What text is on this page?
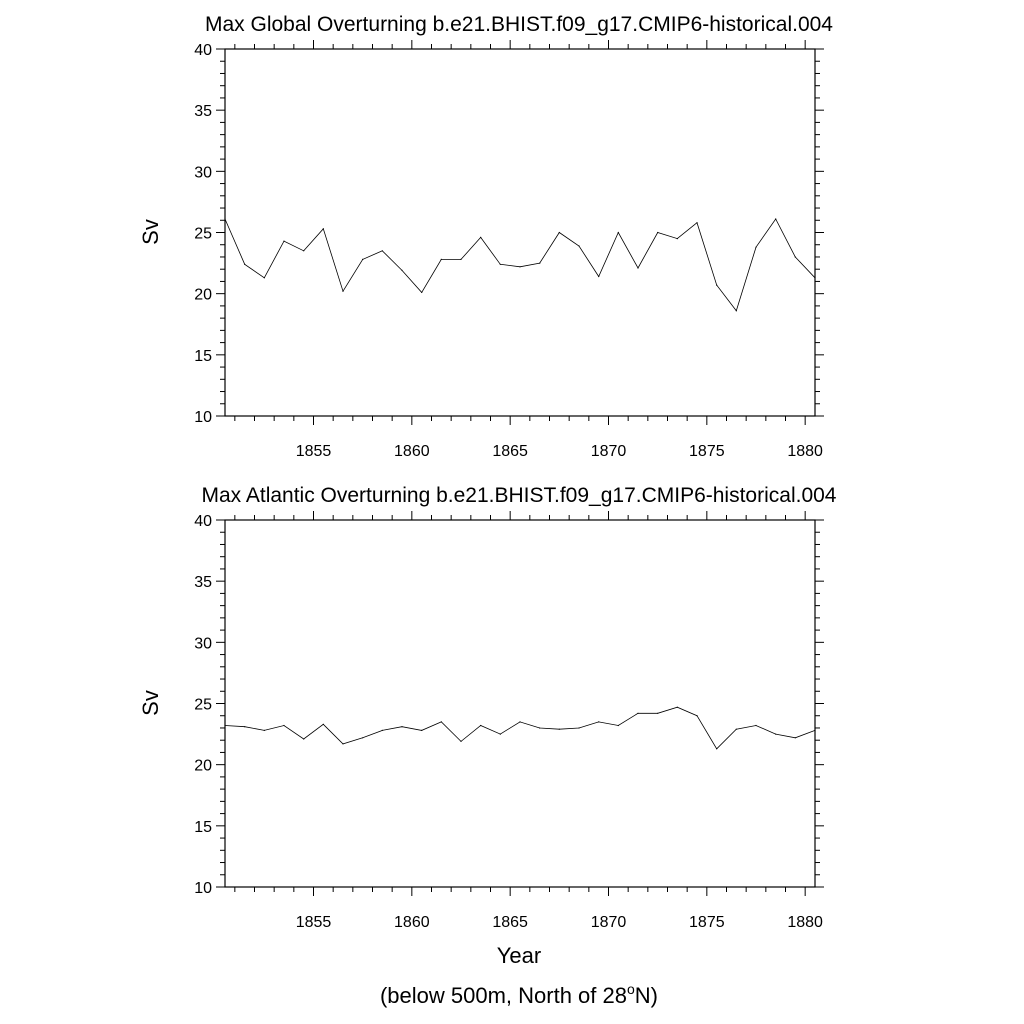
Max Global Overturning b.e21.BHIST.f09_g17.CMIP6-historical.004
Sv
10
15
20
25
30
35
40
1855	1860	1865	1870	1875	1880
Max Atlantic Overturning b.e21.BHIST.f09_g17.CMIP6-historical.004
Sv
10
15
20
25
30
35
40
1855	1860	1865	1870	1875	1880
Year
(below 500m, North of 28$^o$N)
